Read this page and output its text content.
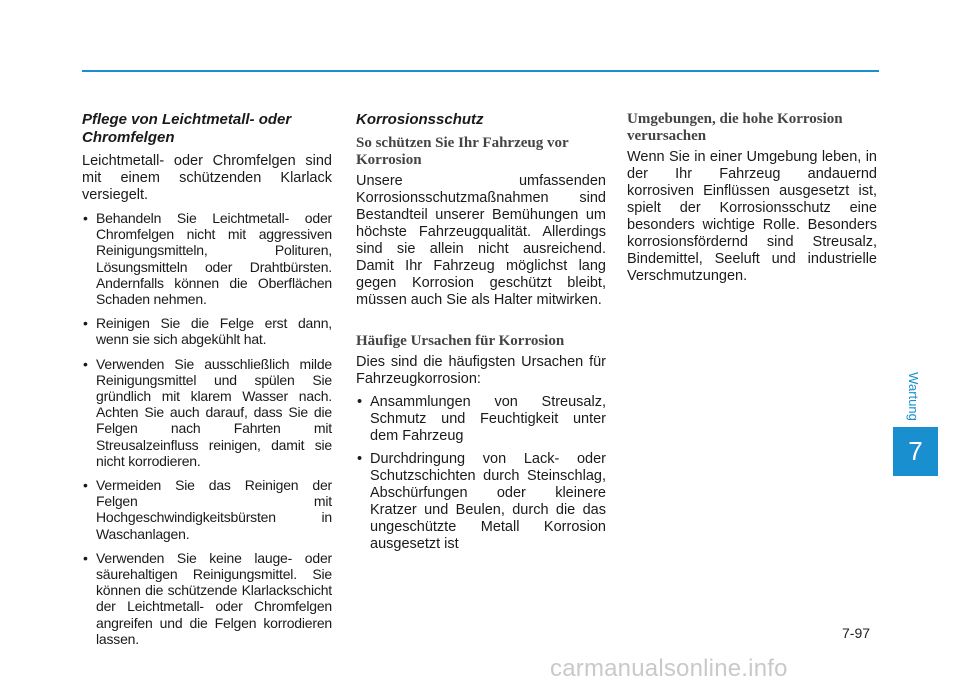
Pflege von Leichtmetall- oder Chromfelgen

Leichtmetall- oder Chromfelgen sind mit einem schützenden Klarlack versiegelt.

• Behandeln Sie Leichtmetall- oder Chromfelgen nicht mit aggressiven Reinigungsmitteln, Polituren, Lösungsmitteln oder Drahtbürsten. Andernfalls können die Oberflächen Schaden nehmen.
• Reinigen Sie die Felge erst dann, wenn sie sich abgekühlt hat.
• Verwenden Sie ausschließlich milde Reinigungsmittel und spülen Sie gründlich mit klarem Wasser nach. Achten Sie auch darauf, dass Sie die Felgen nach Fahrten mit Streusalzeinfluss reinigen, damit sie nicht korrodieren.
• Vermeiden Sie das Reinigen der Felgen mit Hochgeschwindigkeitsbürsten in Waschanlagen.
• Verwenden Sie keine lauge- oder säurehaltigen Reinigungsmittel. Sie können die schützende Klarlackschicht der Leichtmetall- oder Chromfelgen angreifen und die Felgen korrodieren lassen.
Korrosionsschutz
So schützen Sie Ihr Fahrzeug vor Korrosion

Unsere umfassenden Korrosionsschutzmaßnahmen sind Bestandteil unserer Bemühungen um höchste Fahrzeugqualität. Allerdings sind sie allein nicht ausreichend. Damit Ihr Fahrzeug möglichst lang gegen Korrosion geschützt bleibt, müssen auch Sie als Halter mitwirken.

Häufige Ursachen für Korrosion

Dies sind die häufigsten Ursachen für Fahrzeugkorrosion:

• Ansammlungen von Streusalz, Schmutz und Feuchtigkeit unter dem Fahrzeug
• Durchdringung von Lack- oder Schutzschichten durch Steinschlag, Abschürfungen oder kleinere Kratzer und Beulen, durch die das ungeschützte Metall Korrosion ausgesetzt ist
Umgebungen, die hohe Korrosion verursachen

Wenn Sie in einer Umgebung leben, in der Ihr Fahrzeug andauernd korrosiven Einflüssen ausgesetzt ist, spielt der Korrosionsschutz eine besonders wichtige Rolle. Besonders korrosionsfördernd sind Streusalz, Bindemittel, Seeluft und industrielle Verschmutzungen.

Wartung
7
7-97
carmanualsonline.info
